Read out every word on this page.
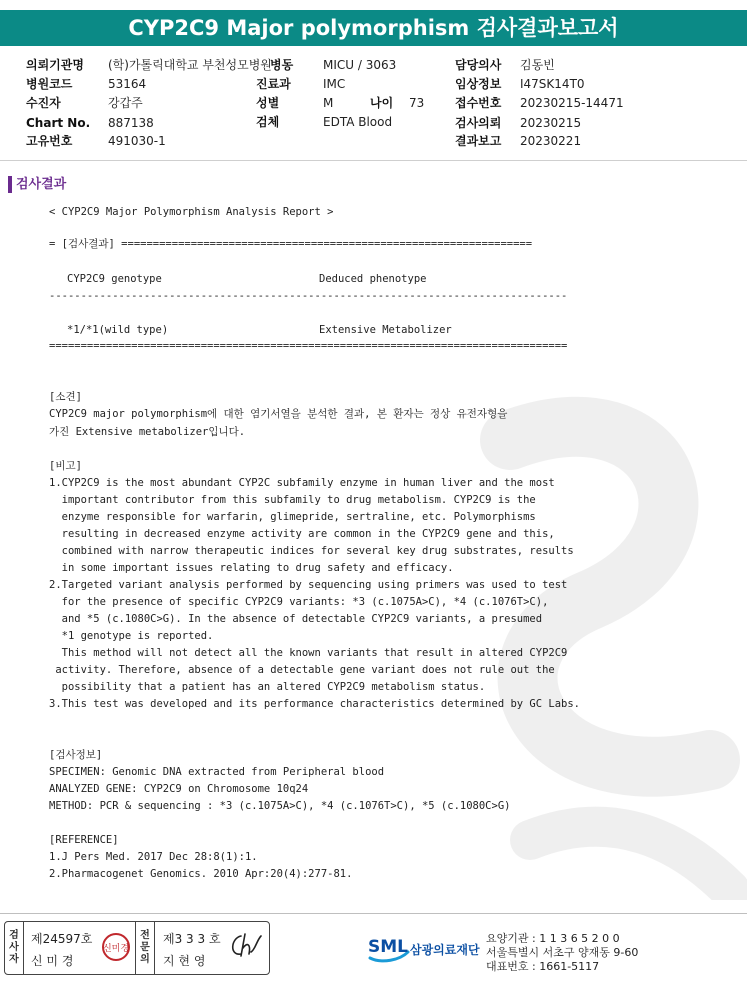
CYP2C9 Major polymorphism 검사결과보고서
의뢰기관명 (학)가톨릭대학교 부천성모병원
병원코드	53164
수진자	강갑주
Chart No. 887138
고유번호	491030-1
병동 MICU / 3063
진료과	IMC
성별	M	나이 73
검체	EDTA Blood
담당의사 김동빈
임상정보 I47SK14T0
접수번호 20230215-14471
검사의뢰 20230215
결과보고 20230221
검사결과
< CYP2C9 Major Polymorphism Analysis Report >
= [검사결과] =================================================================
CYP2C9 genotype	Deduced phenotype
----------------------------------------------------------------------------------
*1/*1(wild type)	Extensive Metabolizer
==================================================================================
[소견]
CYP2C9 major polymorphism에 대한 염기서열을 분석한 결과, 본 환자는 정상 유전자형을
가진 Extensive metabolizer입니다.
[비고]
1.CYP2C9 is the most abundant CYP2C subfamily enzyme in human liver and the most
important contributor from this subfamily to drug metabolism. CYP2C9 is the
enzyme responsible for warfarin, glimepride, sertraline, etc. Polymorphisms
resulting in decreased enzyme activity are common in the CYP2C9 gene and this,
combined with narrow therapeutic indices for several key drug substrates, results
in some important issues relating to drug safety and efficacy.
2.Targeted variant analysis performed by sequencing using primers was used to test
for the presence of specific CYP2C9 variants: *3 (c.1075A>C), *4 (c.1076T>C),
and *5 (c.1080C>G). In the absence of detectable CYP2C9 variants, a presumed
*1 genotype is reported.
This method will not detect all the known variants that result in altered CYP2C9
activity. Therefore, absence of a detectable gene variant does not rule out the
possibility that a patient has an altered CYP2C9 metabolism status.
3.This test was developed and its performance characteristics determined by GC Labs.
[검사정보]
SPECIMEN: Genomic DNA extracted from Peripheral blood
ANALYZED GENE: CYP2C9 on Chromosome 10q24
METHOD: PCR & sequencing : *3 (c.1075A>C), *4 (c.1076T>C), *5 (c.1080C>G)
[REFERENCE]
1.J Pers Med. 2017 Dec 28:8(1):1.
2.Pharmacogenet Genomics. 2010 Apr:20(4):277-81.
검사자
제24597호
신 미 경
신미경
전문의
제3 3 3 호
지 현 영
SML 삼광의료재단
요양기관 : 1 1 3 6 5 2 0 0
서울특별시 서초구 양재동 9-60
대표번호 : 1661-5117
